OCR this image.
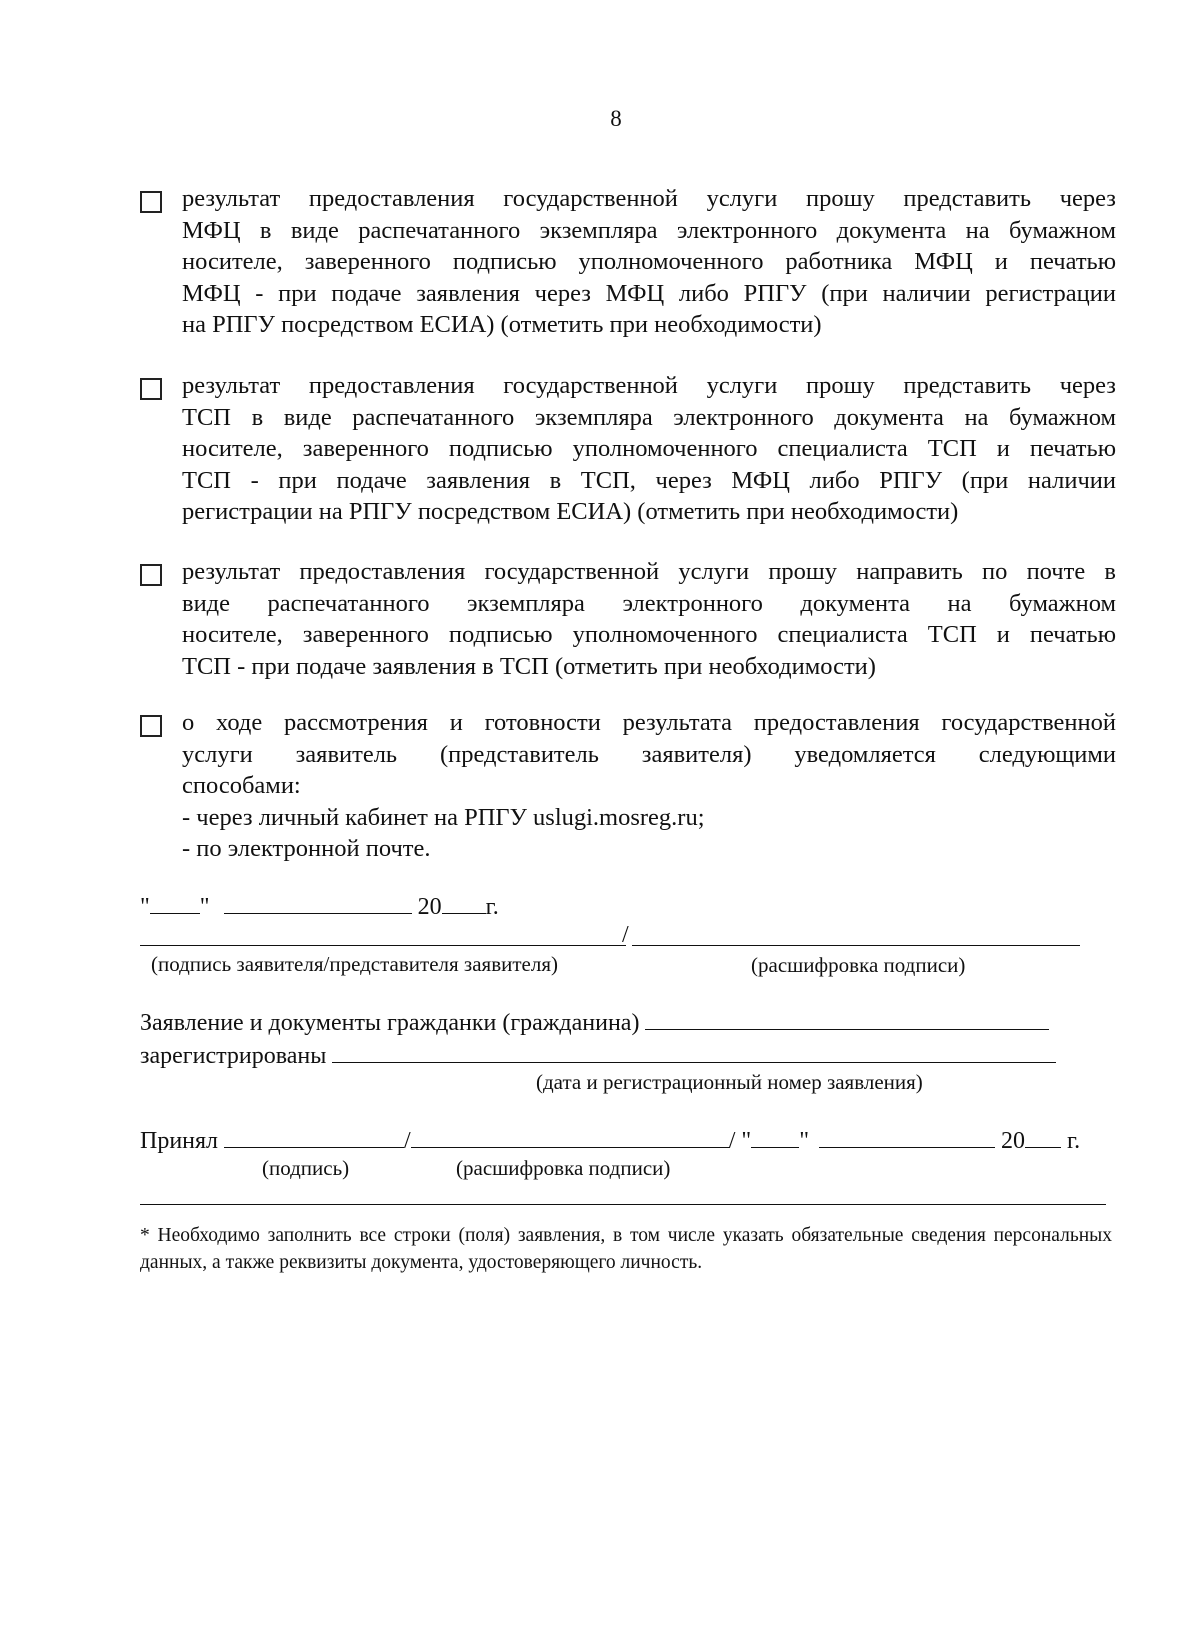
8
результат предоставления государственной услуги прошу представить через
МФЦ в виде распечатанного экземпляра электронного документа на бумажном
носителе, заверенного подписью уполномоченного работника МФЦ и печатью
МФЦ - при подаче заявления через МФЦ либо РПГУ (при наличии регистрации
на РПГУ посредством ЕСИА) (отметить при необходимости)
результат предоставления государственной услуги прошу представить через
ТСП в виде распечатанного экземпляра электронного документа на бумажном
носителе, заверенного подписью уполномоченного специалиста ТСП и печатью
ТСП - при подаче заявления в ТСП, через МФЦ либо РПГУ (при наличии
регистрации на РПГУ посредством ЕСИА) (отметить при необходимости)
результат предоставления государственной услуги прошу направить по почте в
виде распечатанного экземпляра электронного документа на бумажном
носителе, заверенного подписью уполномоченного специалиста ТСП и печатью
ТСП - при подаче заявления в ТСП (отметить при необходимости)
о ходе рассмотрения и готовности результата предоставления государственной
услуги заявитель (представитель заявителя) уведомляется следующими
способами:
- через личный кабинет на РПГУ uslugi.mosreg.ru;
- по электронной почте.
" "	20 г.
/
(подпись заявителя/представителя заявителя)	(расшифровка подписи)
Заявление и документы гражданки (гражданина)
зарегистрированы
(дата и регистрационный номер заявления)
Принял	/	/ " "	20 г.
(подпись)	(расшифровка подписи)
* Необходимо заполнить все строки (поля) заявления, в том числе указать обязательные сведения персональных данных, а также реквизиты документа, удостоверяющего личность.
